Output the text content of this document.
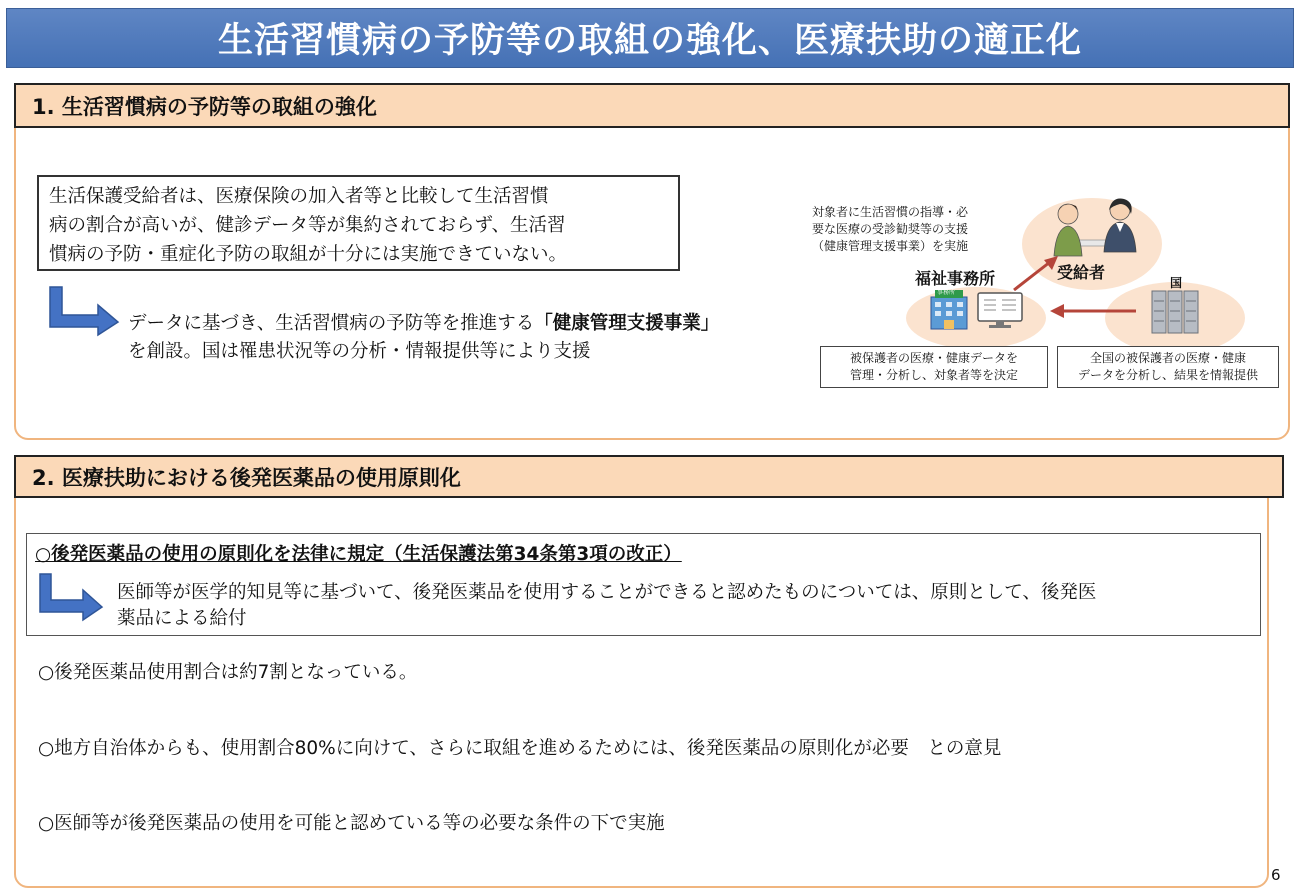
生活習慣病の予防等の取組の強化、医療扶助の適正化
1. 生活習慣病の予防等の取組の強化
生活保護受給者は、医療保険の加入者等と比較して生活習慣
病の割合が高いが、健診データ等が集約されておらず、生活習
慣病の予防・重症化予防の取組が十分には実施できていない。
データに基づき、生活習慣病の予防等を推進する「健康管理支援事業」
を創設。国は罹患状況等の分析・情報提供等により支援
対象者に生活習慣の指導・必
要な医療の受診勧奨等の支援
（健康管理支援事業）を実施
受給者
福祉事務所	国
事務所
被保護者の医療・健康データを
管理・分析し、対象者等を決定
全国の被保護者の医療・健康
データを分析し、結果を情報提供
2. 医療扶助における後発医薬品の使用原則化
○後発医薬品の使用の原則化を法律に規定（生活保護法第34条第3項の改正）
医師等が医学的知見等に基づいて、後発医薬品を使用することができると認めたものについては、原則として、後発医
薬品による給付
○後発医薬品使用割合は約7割となっている。
○地方自治体からも、使用割合80%に向けて、さらに取組を進めるためには、後発医薬品の原則化が必要　との意見
○医師等が後発医薬品の使用を可能と認めている等の必要な条件の下で実施
6
